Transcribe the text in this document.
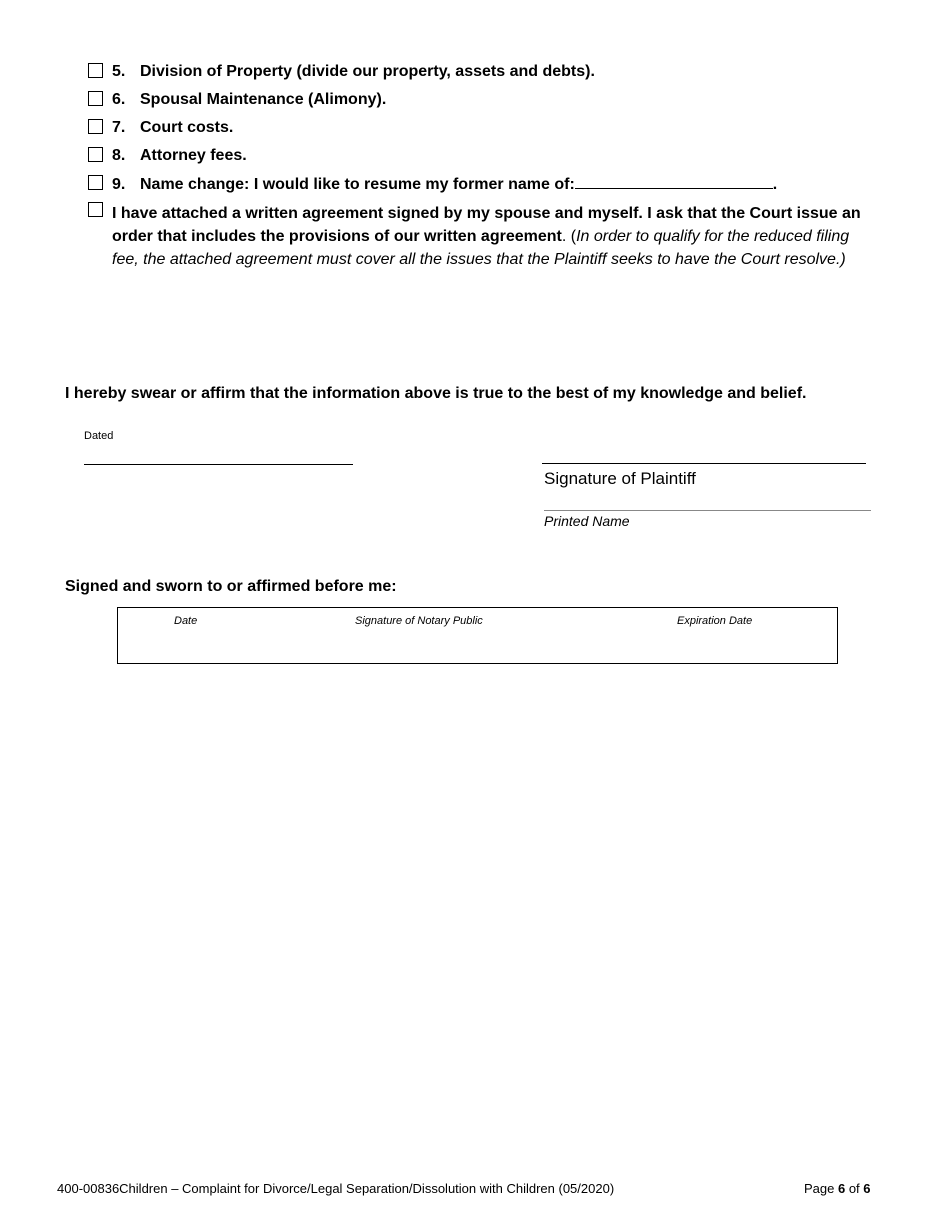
5. Division of Property (divide our property, assets and debts).
6. Spousal Maintenance (Alimony).
7. Court costs.
8. Attorney fees.
9. Name change: I would like to resume my former name of:	.
I have attached a written agreement signed by my spouse and myself. I ask that the Court issue an order that includes the provisions of our written agreement. (In order to qualify for the reduced filing fee, the attached agreement must cover all the issues that the Plaintiff seeks to have the Court resolve.)
I hereby swear or affirm that the information above is true to the best of my knowledge and belief.
Dated
Signature of Plaintiff
Printed Name
Signed and sworn to or affirmed before me:
Date	Signature of Notary Public	Expiration Date
400-00836Children – Complaint for Divorce/Legal Separation/Dissolution with Children (05/2020)	Page 6 of 6
